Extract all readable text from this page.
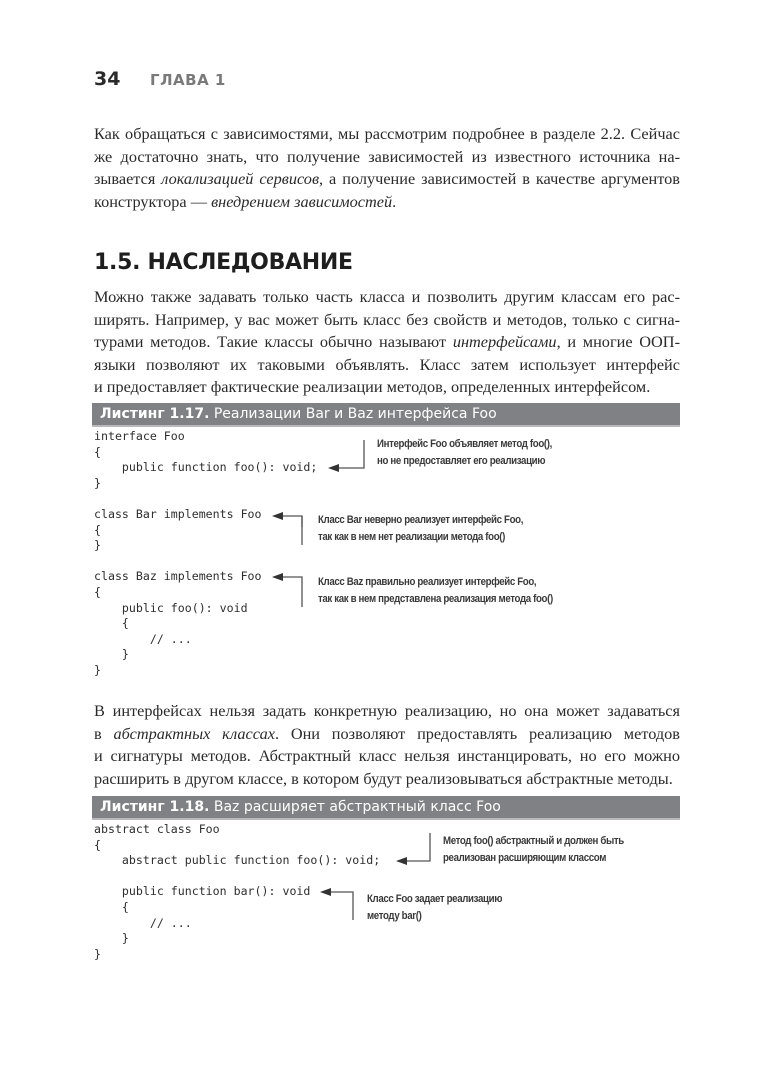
34 ГЛАВА 1
Как обращаться с зависимостями, мы рассмотрим подробнее в разделе 2.2. Сейчас
же достаточно знать, что получение зависимостей из известного источника на-
зывается локализацией сервисов, а получение зависимостей в качестве аргументов
конструктора — внедрением зависимостей.
1.5. НАСЛЕДОВАНИЕ
Можно также задавать только часть класса и позволить другим классам его рас-
ширять. Например, у вас может быть класс без свойств и методов, только с сигна-
турами методов. Такие классы обычно называют интерфейсами, и многие ООП-
языки позволяют их таковыми объявлять. Класс затем использует интерфейс
и предоставляет фактические реализации методов, определенных интерфейсом.
Листинг 1.17. Реализации Bar и Baz интерфейса Foo
interface Foo
{
public function foo(): void;
}
class Bar implements Foo
{
}
class Baz implements Foo
{
public foo(): void
{
// ...
}
}
Интерфейс Foo объявляет метод foo(),
но не предоставляет его реализацию
Класс Bar неверно реализует интерфейс Foo,
так как в нем нет реализации метода foo()
Класс Baz правильно реализует интерфейс Foo,
так как в нем представлена реализация метода foo()
В интерфейсах нельзя задать конкретную реализацию, но она может задаваться
в абстрактных классах. Они позволяют предоставлять реализацию методов
и сигнатуры методов. Абстрактный класс нельзя инстанцировать, но его можно
расширить в другом классе, в котором будут реализовываться абстрактные методы.
Листинг 1.18. Baz расширяет абстрактный класс Foo
abstract class Foo
{
abstract public function foo(): void;
public function bar(): void
{
// ...
}
}
Метод foo() абстрактный и должен быть
реализован расширяющим классом
Класс Foo задает реализацию
методу bar()
